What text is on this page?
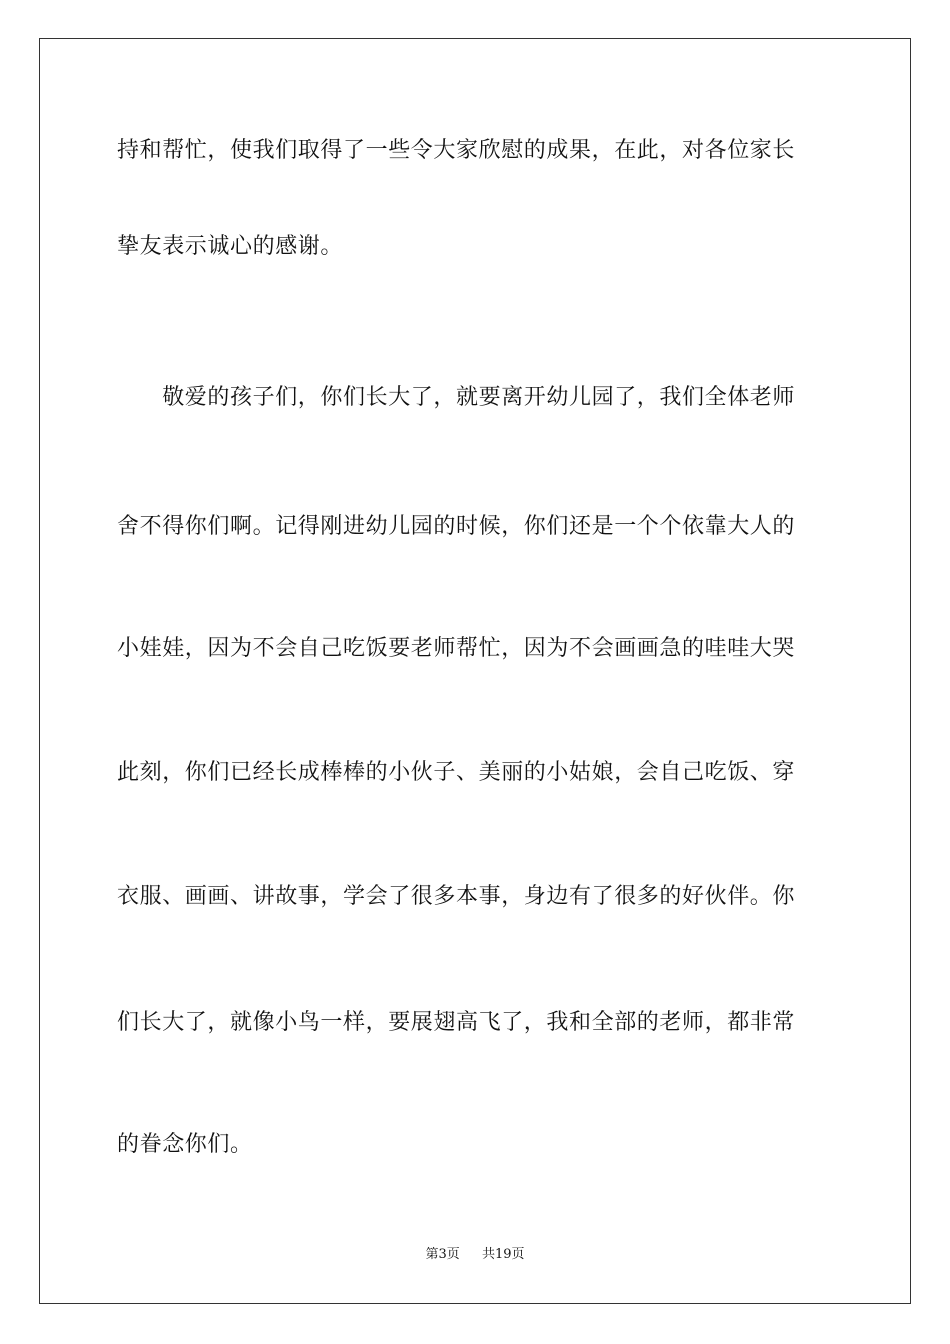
持和帮忙，使我们取得了一些令大家欣慰的成果，在此，对各位家长
挚友表示诚心的感谢。
　　敬爱的孩子们，你们长大了，就要离开幼儿园了，我们全体老师
舍不得你们啊。记得刚进幼儿园的时候，你们还是一个个依靠大人的
小娃娃，因为不会自己吃饭要老师帮忙，因为不会画画急的哇哇大哭
此刻，你们已经长成棒棒的小伙子、美丽的小姑娘，会自己吃饭、穿
衣服、画画、讲故事，学会了很多本事，身边有了很多的好伙伴。你
们长大了，就像小鸟一样，要展翅高飞了，我和全部的老师，都非常
的眷念你们。
第3页 共19页
